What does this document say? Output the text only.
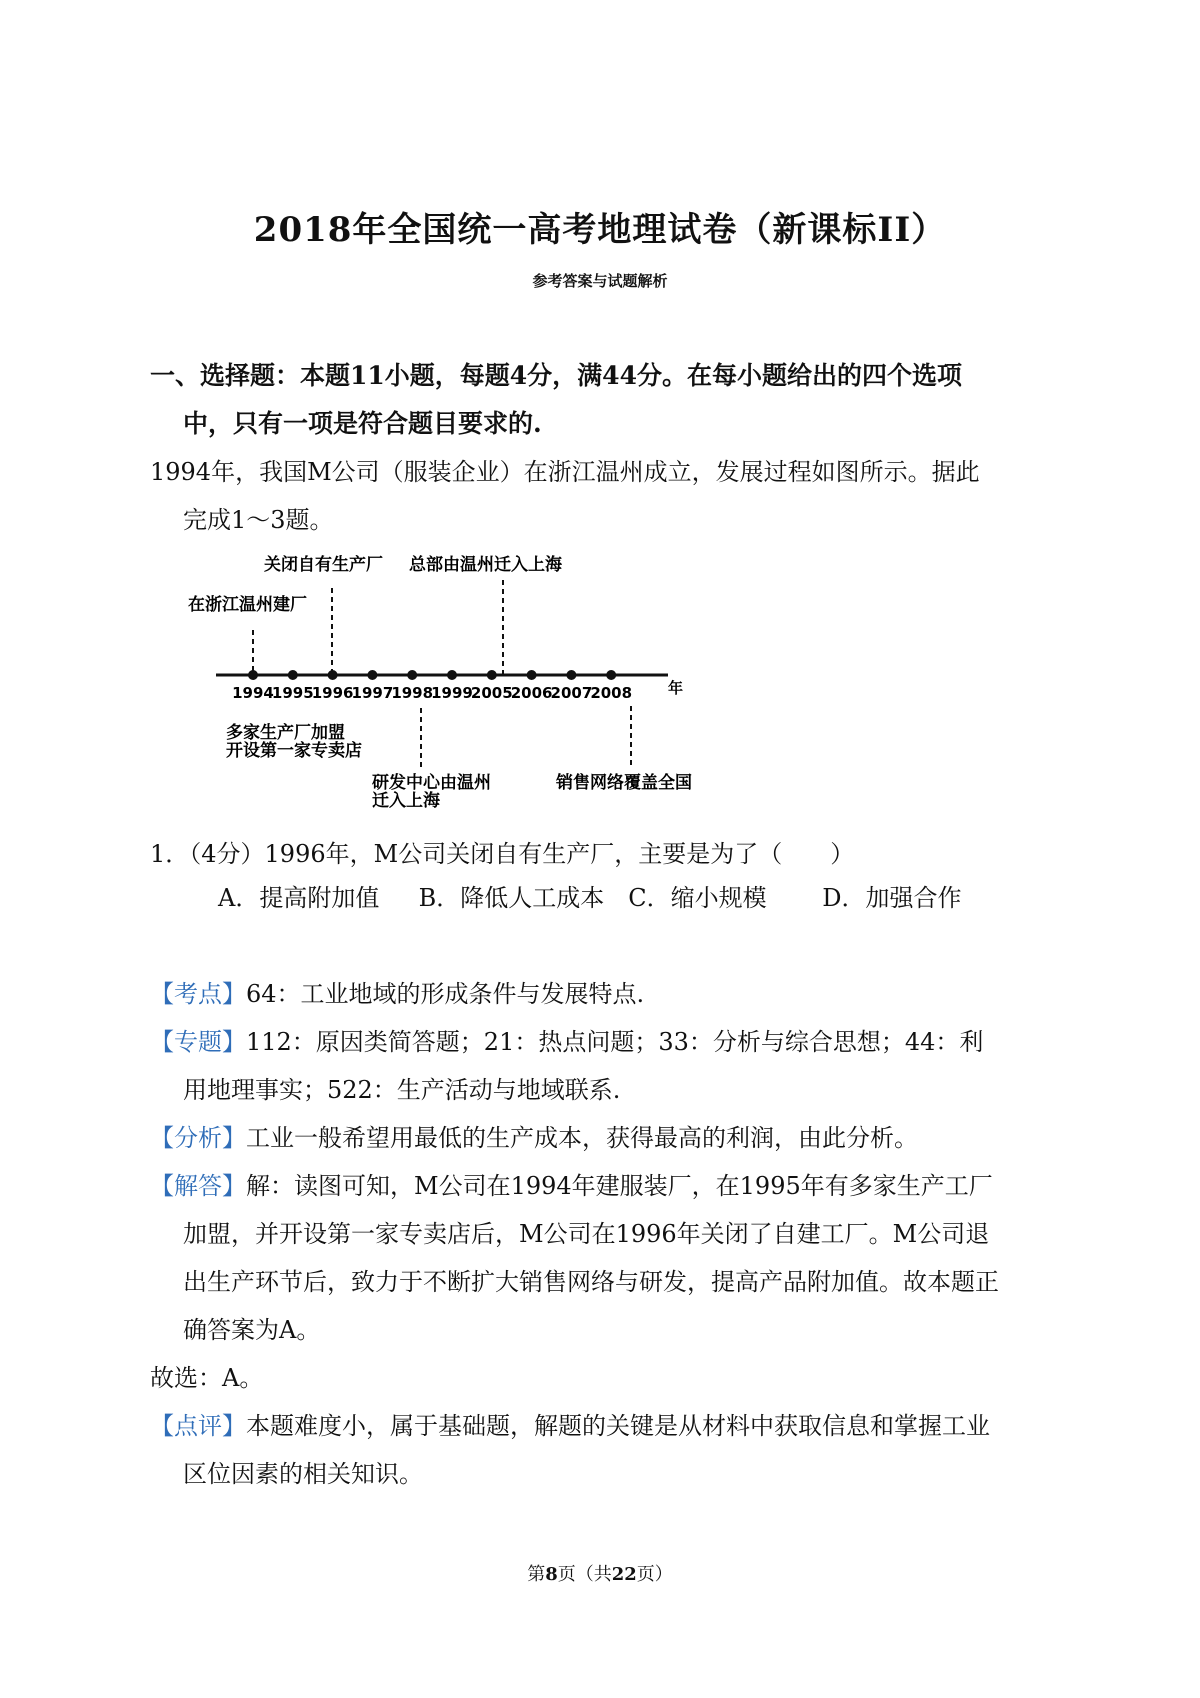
2018年全国统一高考地理试卷（新课标II）
参考答案与试题解析
一、选择题：本题11小题，每题4分，满44分。在每小题给出的四个选项中，只有一项是符合题目要求的.
1994年，我国M公司（服装企业）在浙江温州成立，发展过程如图所示。据此完成1～3题。
1994
1995
1996
1997
1998
1999
2005
2006
2007
2008 年
在浙江温州建厂
关闭自有生产厂 总部由温州迁入上海
多家生产厂加盟
开设第一家专卖店
研发中心由温州
迁入上海
销售网络覆盖全国
1．（4分）1996年，M公司关闭自有生产厂，主要是为了（　　）
A．提高附加值　  B．降低人工成本　C．缩小规模　　 D．加强合作
【考点】64：工业地域的形成条件与发展特点.
【专题】112：原因类简答题；21：热点问题；33：分析与综合思想；44：利用地理事实；522：生产活动与地域联系.
【分析】工业一般希望用最低的生产成本，获得最高的利润，由此分析。
【解答】解：读图可知，M公司在1994年建服装厂，在1995年有多家生产工厂加盟，并开设第一家专卖店后，M公司在1996年关闭了自建工厂。M公司退出生产环节后，致力于不断扩大销售网络与研发，提高产品附加值。故本题正确答案为A。
故选：A。
【点评】本题难度小，属于基础题，解题的关键是从材料中获取信息和掌握工业区位因素的相关知识。
第8页（共22页）
